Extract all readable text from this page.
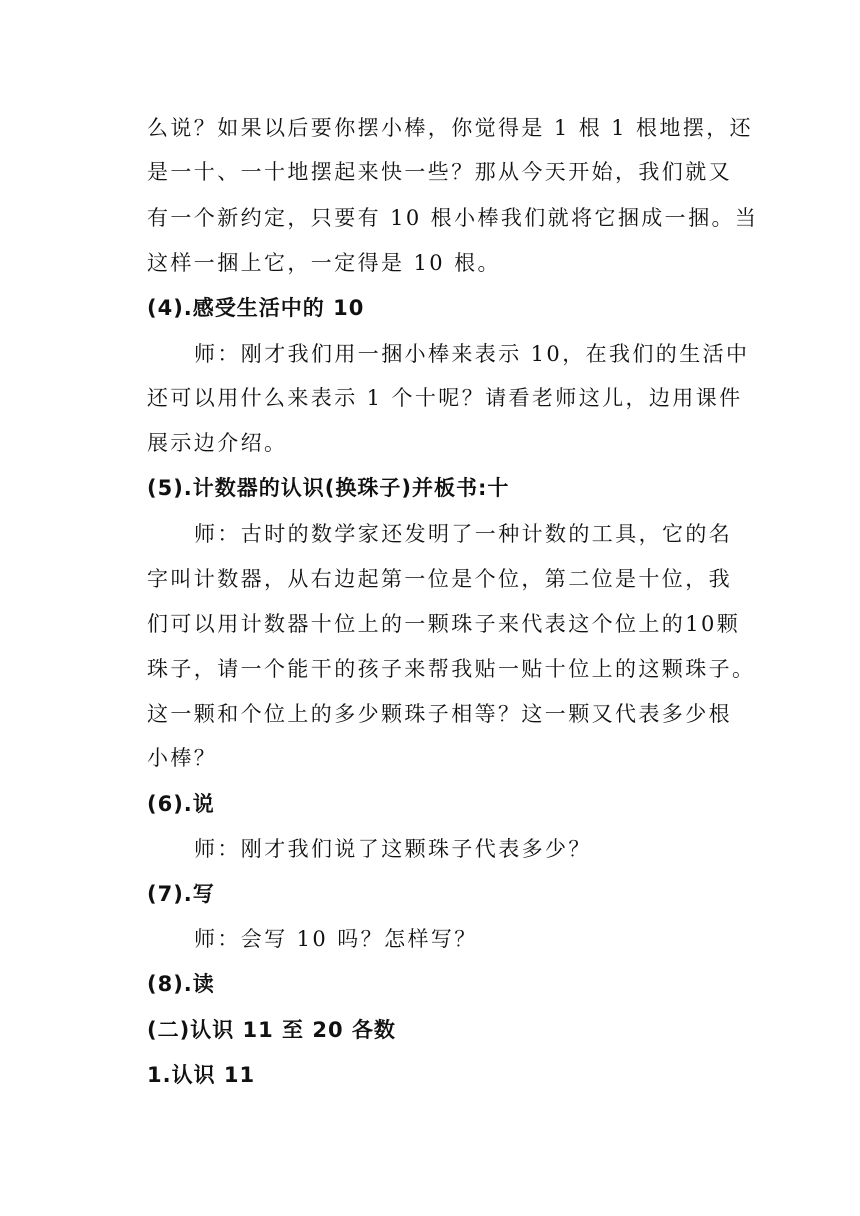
么说？如果以后要你摆小棒，你觉得是 1 根 1 根地摆，还
是一十、一十地摆起来快一些？那从今天开始，我们就又
有一个新约定，只要有 10 根小棒我们就将它捆成一捆。当
这样一捆上它，一定得是 10 根。
(4).感受生活中的 10
师：刚才我们用一捆小棒来表示 10，在我们的生活中
还可以用什么来表示 1 个十呢？请看老师这儿，边用课件
展示边介绍。
(5).计数器的认识(换珠子)并板书:十
师：古时的数学家还发明了一种计数的工具，它的名
字叫计数器，从右边起第一位是个位，第二位是十位，我
们可以用计数器十位上的一颗珠子来代表这个位上的10颗
珠子，请一个能干的孩子来帮我贴一贴十位上的这颗珠子。
这一颗和个位上的多少颗珠子相等？这一颗又代表多少根
小棒？
(6).说
师：刚才我们说了这颗珠子代表多少？
(7).写
师：会写 10 吗？怎样写？
(8).读
(二)认识 11 至 20 各数
1.认识 11
